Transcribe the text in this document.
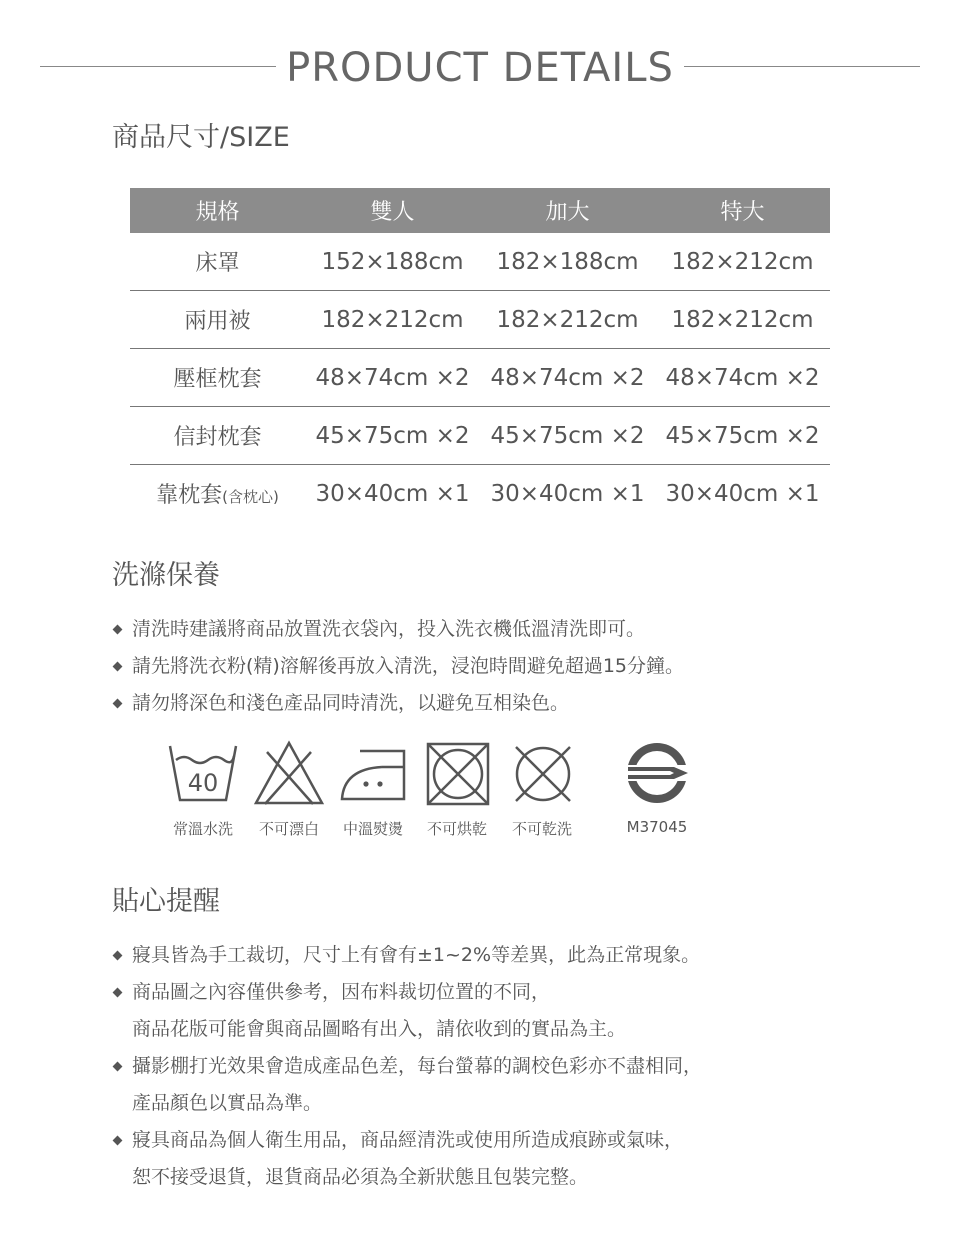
PRODUCT DETAILS
商品尺寸/SIZE
規格	雙人	加大	特大
床罩	152×188cm	182×188cm	182×212cm
兩用被	182×212cm	182×212cm	182×212cm
壓框枕套	48×74cm ×2	48×74cm ×2	48×74cm ×2
信封枕套	45×75cm ×2	45×75cm ×2	45×75cm ×2
靠枕套(含枕心)	30×40cm ×1	30×40cm ×1	30×40cm ×1
洗滌保養
清洗時建議將商品放置洗衣袋內，投入洗衣機低溫清洗即可。
請先將洗衣粉(精)溶解後再放入清洗，浸泡時間避免超過15分鐘。
請勿將深色和淺色產品同時清洗，以避免互相染色。
40
常溫水洗	不可漂白	中溫熨燙	不可烘乾	不可乾洗	M37045
貼心提醒
寢具皆為手工裁切，尺寸上有會有±1~2%等差異，此為正常現象。
商品圖之內容僅供參考，因布料裁切位置的不同，
商品花版可能會與商品圖略有出入，請依收到的實品為主。
攝影棚打光效果會造成產品色差，每台螢幕的調校色彩亦不盡相同，
產品顏色以實品為準。
寢具商品為個人衛生用品，商品經清洗或使用所造成痕跡或氣味，
恕不接受退貨，退貨商品必須為全新狀態且包裝完整。
